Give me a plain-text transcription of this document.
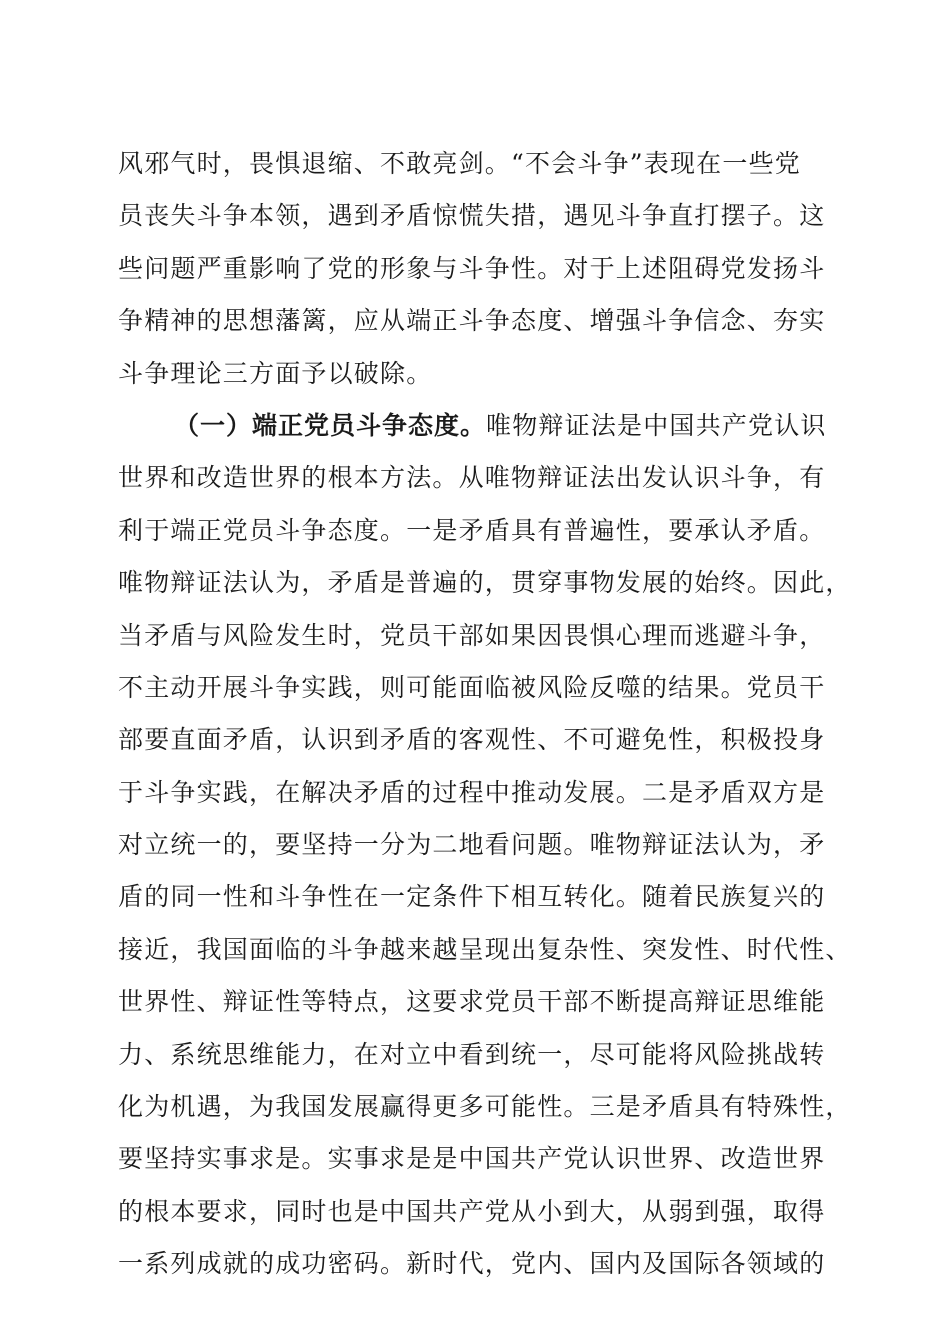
风邪气时，畏惧退缩、不敢亮剑。“不会斗争”表现在一些党
员丧失斗争本领，遇到矛盾惊慌失措，遇见斗争直打摆子。这
些问题严重影响了党的形象与斗争性。对于上述阻碍党发扬斗
争精神的思想藩篱，应从端正斗争态度、增强斗争信念、夯实
斗争理论三方面予以破除。
（一）端正党员斗争态度。唯物辩证法是中国共产党认识
世界和改造世界的根本方法。从唯物辩证法出发认识斗争，有
利于端正党员斗争态度。一是矛盾具有普遍性，要承认矛盾。
唯物辩证法认为，矛盾是普遍的，贯穿事物发展的始终。因此，
当矛盾与风险发生时，党员干部如果因畏惧心理而逃避斗争，
不主动开展斗争实践，则可能面临被风险反噬的结果。党员干
部要直面矛盾，认识到矛盾的客观性、不可避免性，积极投身
于斗争实践，在解决矛盾的过程中推动发展。二是矛盾双方是
对立统一的，要坚持一分为二地看问题。唯物辩证法认为，矛
盾的同一性和斗争性在一定条件下相互转化。随着民族复兴的
接近，我国面临的斗争越来越呈现出复杂性、突发性、时代性、
世界性、辩证性等特点，这要求党员干部不断提高辩证思维能
力、系统思维能力，在对立中看到统一，尽可能将风险挑战转
化为机遇，为我国发展赢得更多可能性。三是矛盾具有特殊性，
要坚持实事求是。实事求是是中国共产党认识世界、改造世界
的根本要求，同时也是中国共产党从小到大，从弱到强，取得
一系列成就的成功密码。新时代，党内、国内及国际各领域的
